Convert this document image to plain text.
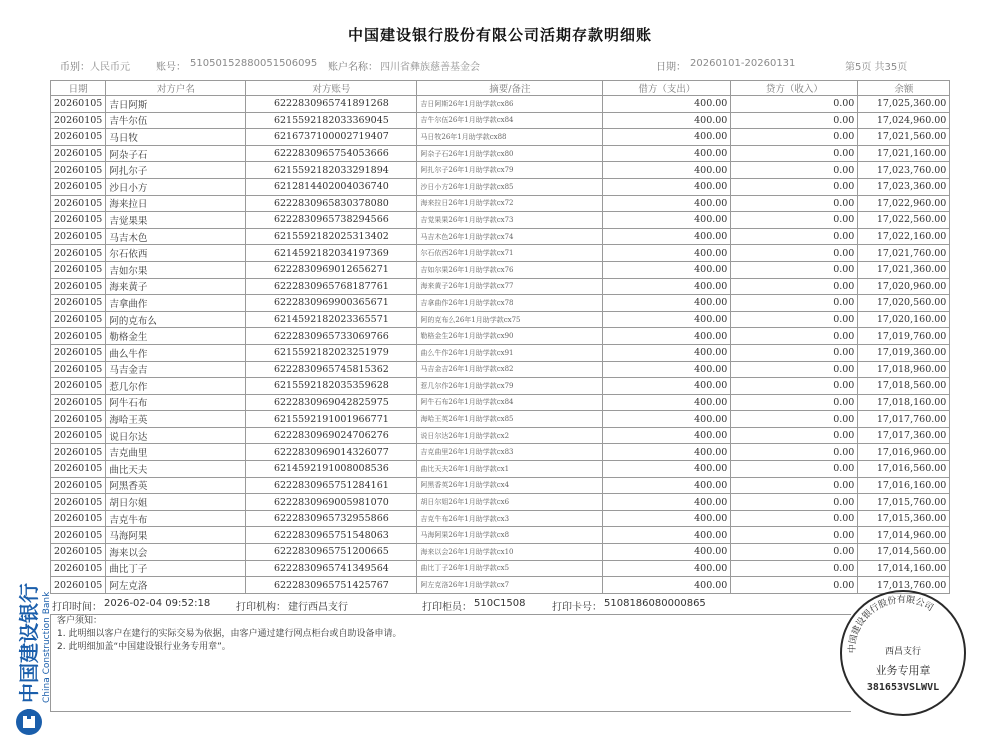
中国建设银行股份有限公司活期存款明细账
币别： 人民币元	账号： 51050152880051506095 账户名称： 四川省彝族慈善基金会	日期： 20260101-20260131	第5页 共35页
日期	对方户名	对方账号	摘要/备注	借方（支出）	贷方（收入）	余额
20260105	吉日阿斯	6222830965741891268	吉日阿斯26年1月助学款cx86	400.00	0.00	17,025,360.00
20260105	吉牛尔伍	6215592182033369045	吉牛尔伍26年1月助学款cx84	400.00	0.00	17,024,960.00
20260105	马日牧	6216737100002719407	马日牧26年1月助学款cx88	400.00	0.00	17,021,560.00
20260105	阿杂子石	6222830965754053666	阿杂子石26年1月助学款cx80	400.00	0.00	17,021,160.00
20260105	阿扎尔子	6215592182033291894	阿扎尔子26年1月助学款cx79	400.00	0.00	17,023,760.00
20260105	沙日小方	6212814402004036740	沙日小方26年1月助学款cx85	400.00	0.00	17,023,360.00
20260105	海来拉日	6222830965830378080	海来拉日26年1月助学款cx72	400.00	0.00	17,022,960.00
20260105	吉觉果果	6222830965738294566	吉觉果果26年1月助学款cx73	400.00	0.00	17,022,560.00
20260105	马吉木色	6215592182025313402	马吉木色26年1月助学款cx74	400.00	0.00	17,022,160.00
20260105	尔石依西	6214592182034197369	尔石依西26年1月助学款cx71	400.00	0.00	17,021,760.00
20260105	吉如尔果	6222830969012656271	吉如尔果26年1月助学款cx76	400.00	0.00	17,021,360.00
20260105	海来黄子	6222830965768187761	海来黄子26年1月助学款cx77	400.00	0.00	17,020,960.00
20260105	吉拿曲作	6222830969900365671	吉拿曲作26年1月助学款cx78	400.00	0.00	17,020,560.00
20260105	阿的克布么	6214592182023365571	阿的克布么26年1月助学款cx75	400.00	0.00	17,020,160.00
20260105	勒格金生	6222830965733069766	勒格金生26年1月助学款cx90	400.00	0.00	17,019,760.00
20260105	曲么牛作	6215592182023251979	曲么牛作26年1月助学款cx91	400.00	0.00	17,019,360.00
20260105	马吉金吉	6222830965745815362	马吉金吉26年1月助学款cx82	400.00	0.00	17,018,960.00
20260105	惹几尔作	6215592182035359628	惹几尔作26年1月助学款cx79	400.00	0.00	17,018,560.00
20260105	阿牛石布	6222830969042825975	阿牛石布26年1月助学款cx84	400.00	0.00	17,018,160.00
20260105	海哈王英	6215592191001966771	海哈王英26年1月助学款cx85	400.00	0.00	17,017,760.00
20260105	说日尔达	6222830969024706276	说日尔达26年1月助学款cx2	400.00	0.00	17,017,360.00
20260105	吉克曲里	6222830969014326077	吉克曲里26年1月助学款cx83	400.00	0.00	17,016,960.00
20260105	曲比天夫	6214592191008008536	曲比天夫26年1月助学款cx1	400.00	0.00	17,016,560.00
20260105	阿黑香英	6222830965751284161	阿黑香英26年1月助学款cx4	400.00	0.00	17,016,160.00
20260105	胡日尔姐	6222830969005981070	胡日尔姐26年1月助学款cx6	400.00	0.00	17,015,760.00
20260105	吉克牛布	6222830965732955866	吉克牛布26年1月助学款cx3	400.00	0.00	17,015,360.00
20260105	马海阿果	6222830965751548063	马海阿果26年1月助学款cx8	400.00	0.00	17,014,960.00
20260105	海来以会	6222830965751200665	海来以会26年1月助学款cx10	400.00	0.00	17,014,560.00
20260105	曲比丁子	6222830965741349564	曲比丁子26年1月助学款cx5	400.00	0.00	17,014,160.00
20260105	阿左克洛	6222830965751425767	阿左克洛26年1月助学款cx7	400.00	0.00	17,013,760.00
打印时间： 2026-02-04 09:52:18	打印机构： 建行西昌支行	打印柜员： 510C1508	打印卡号： 5108186080000865
客户须知：
1. 此明细以客户在建行的实际交易为依据，由客户通过建行网点柜台或自助设备申请。
2. 此明细加盖“中国建设银行业务专用章”。
中国建设银行 China Construction Bank	中国建设银行股份有限公司
西昌支行
业务专用章
381653VSLWVL
